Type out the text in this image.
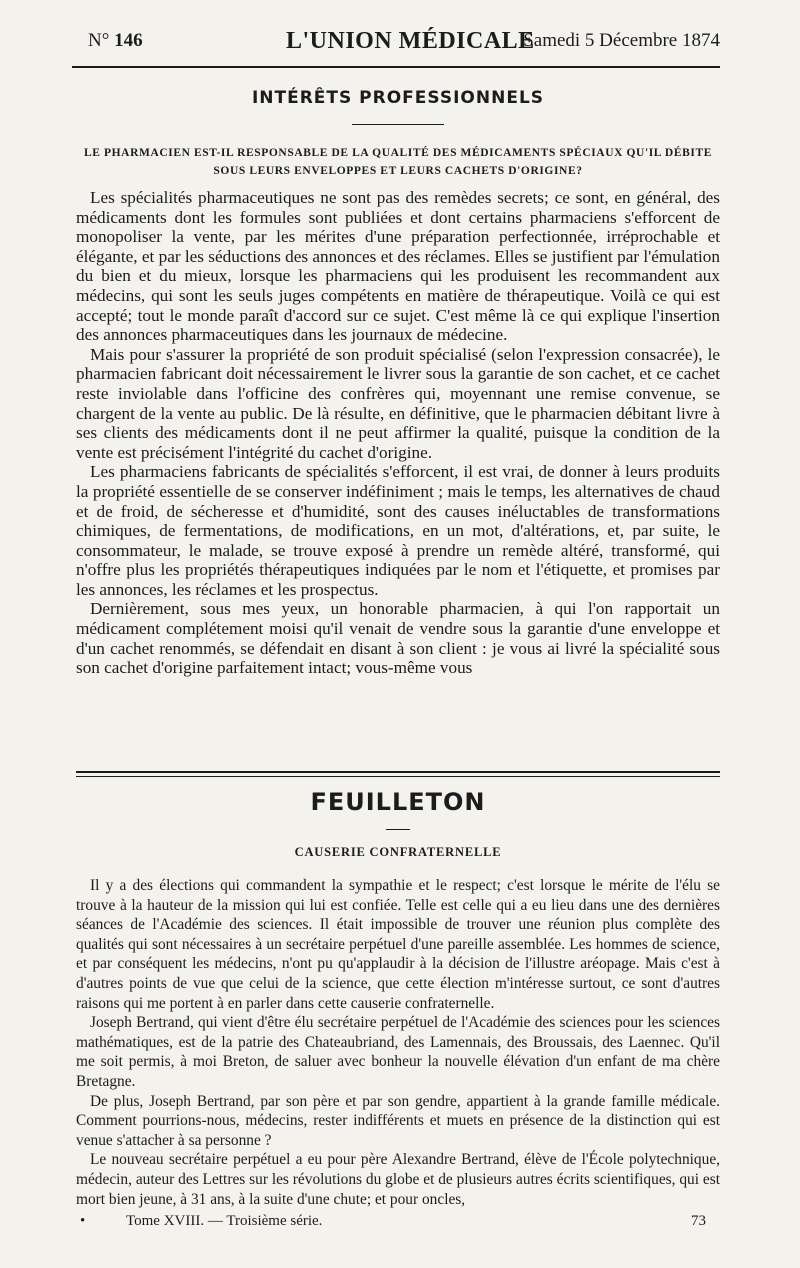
N° 146	L'UNION MÉDICALE
Samedi 5 Décembre 1874
INTÉRÊTS PROFESSIONNELS
LE PHARMACIEN EST-IL RESPONSABLE DE LA QUALITÉ DES MÉDICAMENTS SPÉCIAUX QU'IL DÉBITE SOUS LEURS ENVELOPPES ET LEURS CACHETS D'ORIGINE?

Les spécialités pharmaceutiques ne sont pas des remèdes secrets; ce sont, en général, des médicaments dont les formules sont publiées et dont certains pharmaciens s'efforcent de monopoliser la vente, par les mérites d'une préparation perfectionnée, irréprochable et élégante, et par les séductions des annonces et des réclames. Elles se justifient par l'émulation du bien et du mieux, lorsque les pharmaciens qui les produisent les recommandent aux médecins, qui sont les seuls juges compétents en matière de thérapeutique. Voilà ce qui est accepté; tout le monde paraît d'accord sur ce sujet. C'est même là ce qui explique l'insertion des annonces pharmaceutiques dans les journaux de médecine.

Mais pour s'assurer la propriété de son produit spécialisé (selon l'expression consacrée), le pharmacien fabricant doit nécessairement le livrer sous la garantie de son cachet, et ce cachet reste inviolable dans l'officine des confrères qui, moyennant une remise convenue, se chargent de la vente au public. De là résulte, en définitive, que le pharmacien débitant livre à ses clients des médicaments dont il ne peut affirmer la qualité, puisque la condition de la vente est précisément l'intégrité du cachet d'origine.

Les pharmaciens fabricants de spécialités s'efforcent, il est vrai, de donner à leurs produits la propriété essentielle de se conserver indéfiniment ; mais le temps, les alternatives de chaud et de froid, de sécheresse et d'humidité, sont des causes inéluctables de transformations chimiques, de fermentations, de modifications, en un mot, d'altérations, et, par suite, le consommateur, le malade, se trouve exposé à prendre un remède altéré, transformé, qui n'offre plus les propriétés thérapeutiques indiquées par le nom et l'étiquette, et promises par les annonces, les réclames et les prospectus.

Dernièrement, sous mes yeux, un honorable pharmacien, à qui l'on rapportait un médicament complétement moisi qu'il venait de vendre sous la garantie d'une enveloppe et d'un cachet renommés, se défendait en disant à son client : je vous ai livré la spécialité sous son cachet d'origine parfaitement intact; vous-même vous

FEUILLETON
CAUSERIE CONFRATERNELLE

Il y a des élections qui commandent la sympathie et le respect; c'est lorsque le mérite de l'élu se trouve à la hauteur de la mission qui lui est confiée. Telle est celle qui a eu lieu dans une des dernières séances de l'Académie des sciences. Il était impossible de trouver une réunion plus complète des qualités qui sont nécessaires à un secrétaire perpétuel d'une pareille assemblée. Les hommes de science, et par conséquent les médecins, n'ont pu qu'applaudir à la décision de l'illustre aréopage. Mais c'est à d'autres points de vue que celui de la science, que cette élection m'intéresse surtout, ce sont d'autres raisons qui me portent à en parler dans cette causerie confraternelle.

Joseph Bertrand, qui vient d'être élu secrétaire perpétuel de l'Académie des sciences pour les sciences mathématiques, est de la patrie des Chateaubriand, des Lamennais, des Broussais, des Laennec. Qu'il me soit permis, à moi Breton, de saluer avec bonheur la nouvelle élévation d'un enfant de ma chère Bretagne.

De plus, Joseph Bertrand, par son père et par son gendre, appartient à la grande famille médicale. Comment pourrions-nous, médecins, rester indifférents et muets en présence de la distinction qui est venue s'attacher à sa personne ?

Le nouveau secrétaire perpétuel a eu pour père Alexandre Bertrand, élève de l'École polytechnique, médecin, auteur des Lettres sur les révolutions du globe et de plusieurs autres écrits scientifiques, qui est mort bien jeune, à 31 ans, à la suite d'une chute; et pour oncles,

•	Tome XVIII. — Troisième série.	73
